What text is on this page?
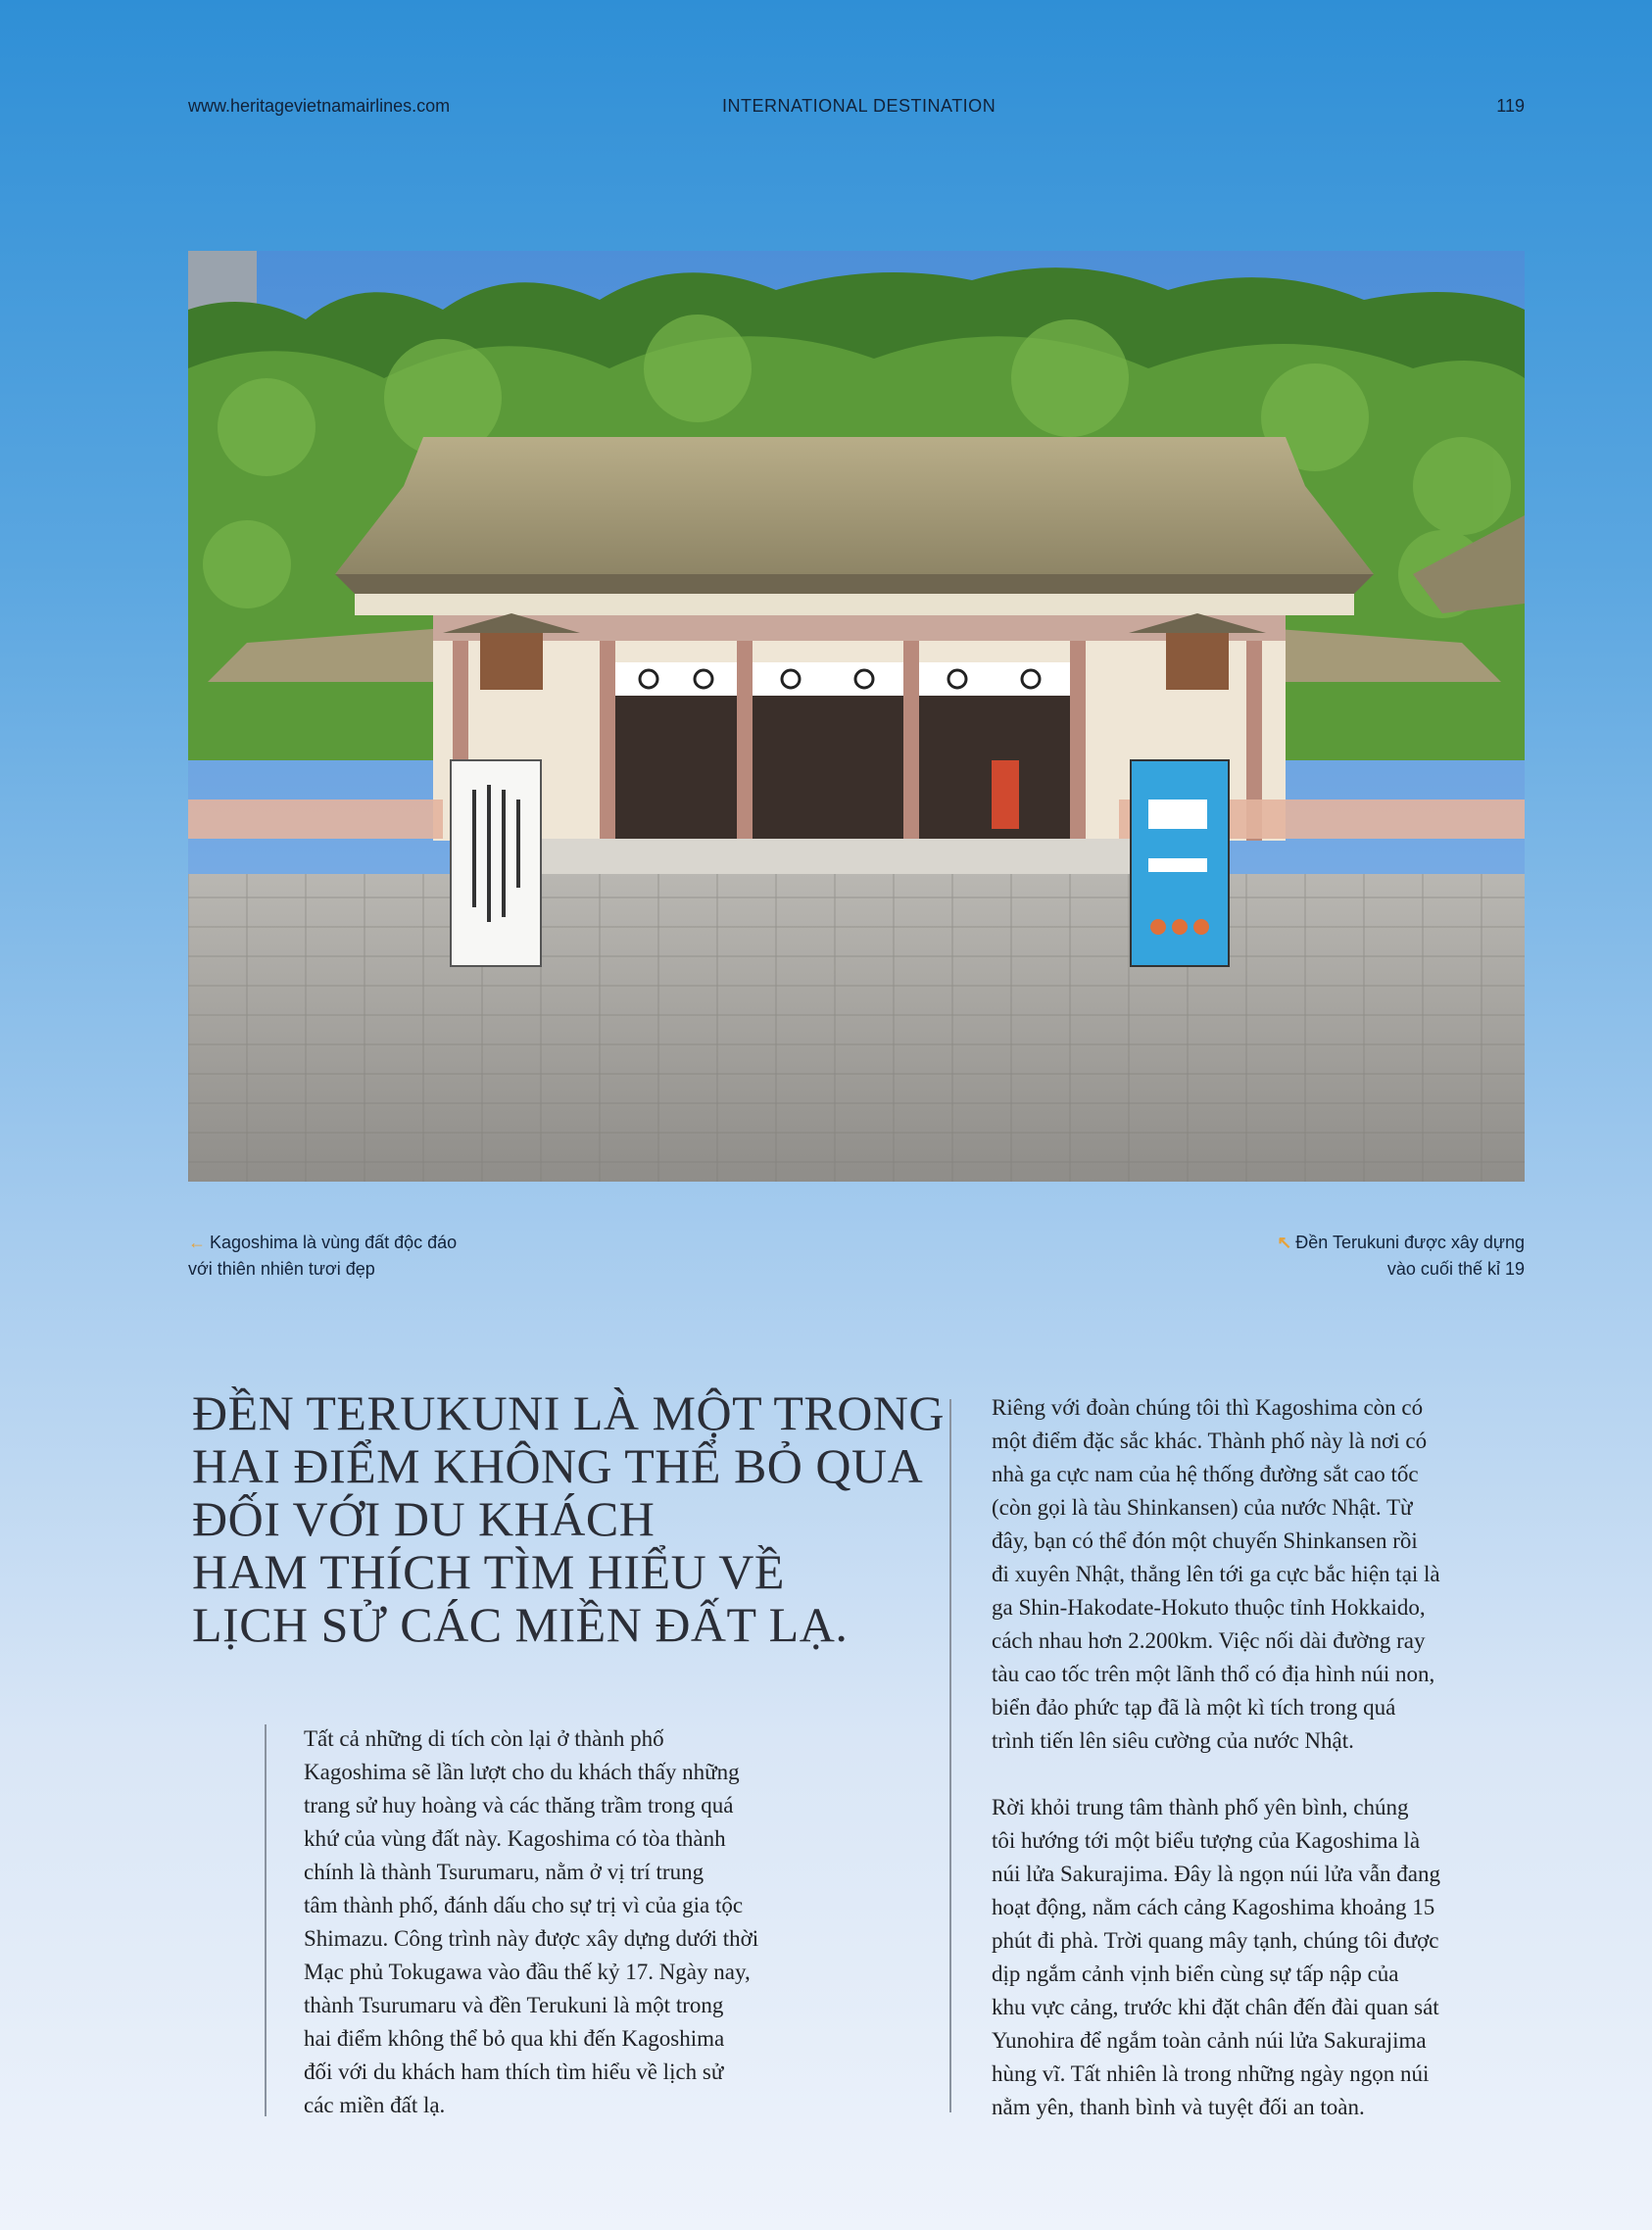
www.heritagevietnamairlines.com	INTERNATIONAL DESTINATION	119
← Kagoshima là vùng đất độc đáo
với thiên nhiên tươi đẹp
↖ Đền Terukuni được xây dựng
vào cuối thế kỉ 19
ĐỀN TERUKUNI LÀ MỘT TRONG
HAI ĐIỂM KHÔNG THỂ BỎ QUA
ĐỐI VỚI DU KHÁCH
HAM THÍCH TÌM HIỂU VỀ
LỊCH SỬ CÁC MIỀN ĐẤT LẠ.

Tất cả những di tích còn lại ở thành phố
Kagoshima sẽ lần lượt cho du khách thấy những
trang sử huy hoàng và các thăng trầm trong quá
khứ của vùng đất này. Kagoshima có tòa thành
chính là thành Tsurumaru, nằm ở vị trí trung
tâm thành phố, đánh dấu cho sự trị vì của gia tộc
Shimazu. Công trình này được xây dựng dưới thời
Mạc phủ Tokugawa vào đầu thế kỷ 17. Ngày nay,
thành Tsurumaru và đền Terukuni là một trong
hai điểm không thể bỏ qua khi đến Kagoshima
đối với du khách ham thích tìm hiểu về lịch sử
các miền đất lạ.

Riêng với đoàn chúng tôi thì Kagoshima còn có
một điểm đặc sắc khác. Thành phố này là nơi có
nhà ga cực nam của hệ thống đường sắt cao tốc
(còn gọi là tàu Shinkansen) của nước Nhật. Từ
đây, bạn có thể đón một chuyến Shinkansen rồi
đi xuyên Nhật, thẳng lên tới ga cực bắc hiện tại là
ga Shin-Hakodate-Hokuto thuộc tỉnh Hokkaido,
cách nhau hơn 2.200km. Việc nối dài đường ray
tàu cao tốc trên một lãnh thổ có địa hình núi non,
biển đảo phức tạp đã là một kì tích trong quá
trình tiến lên siêu cường của nước Nhật.

Rời khỏi trung tâm thành phố yên bình, chúng
tôi hướng tới một biểu tượng của Kagoshima là
núi lửa Sakurajima. Đây là ngọn núi lửa vẫn đang
hoạt động, nằm cách cảng Kagoshima khoảng 15
phút đi phà. Trời quang mây tạnh, chúng tôi được
dịp ngắm cảnh vịnh biển cùng sự tấp nập của
khu vực cảng, trước khi đặt chân đến đài quan sát
Yunohira để ngắm toàn cảnh núi lửa Sakurajima
hùng vĩ. Tất nhiên là trong những ngày ngọn núi
nằm yên, thanh bình và tuyệt đối an toàn.
